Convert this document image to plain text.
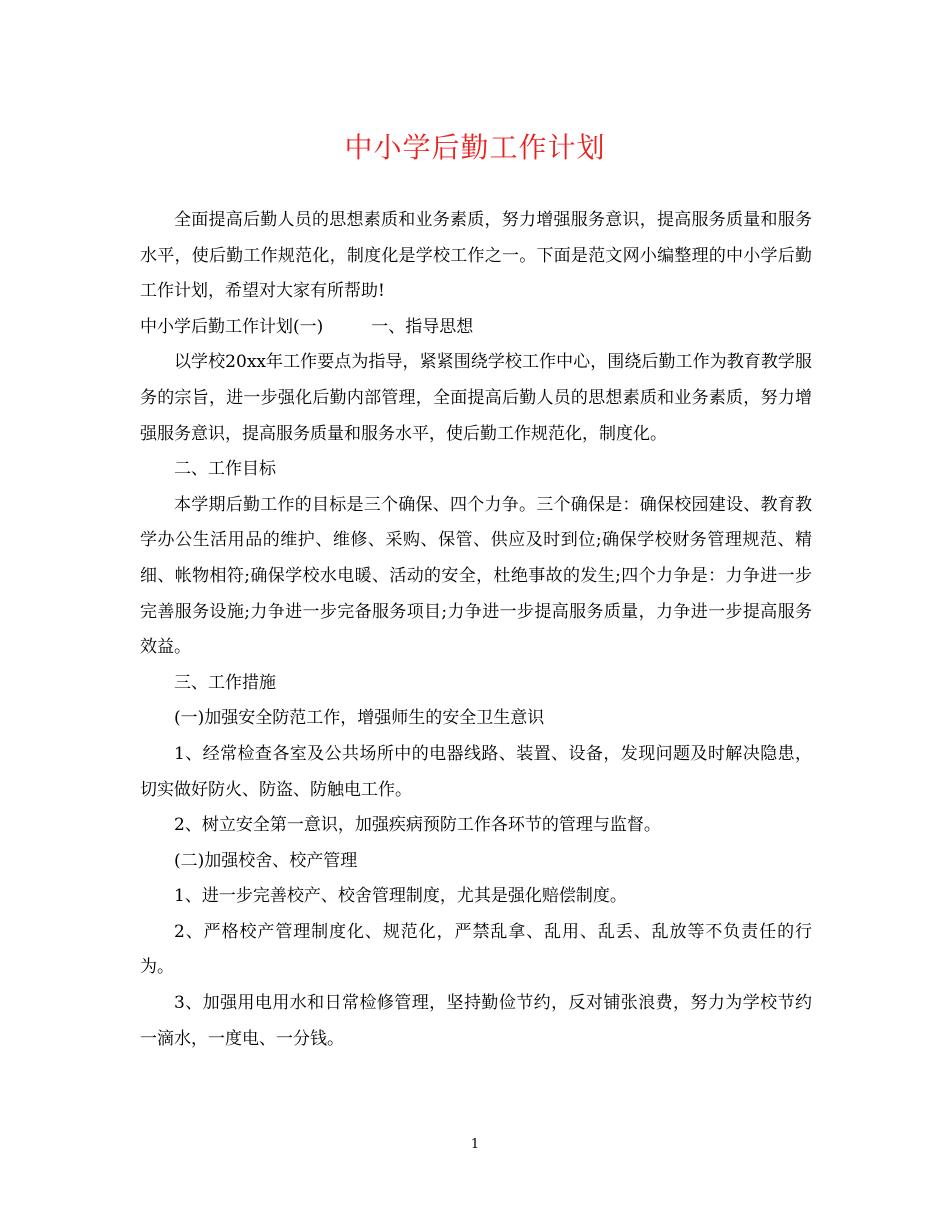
中小学后勤工作计划

全面提高后勤人员的思想素质和业务素质，努力增强服务意识，提高服务质量和服务水平，使后勤工作规范化，制度化是学校工作之一。下面是范文网小编整理的中小学后勤工作计划，希望对大家有所帮助!

中小学后勤工作计划(一)	一、指导思想

以学校20xx年工作要点为指导，紧紧围绕学校工作中心，围绕后勤工作为教育教学服务的宗旨，进一步强化后勤内部管理，全面提高后勤人员的思想素质和业务素质，努力增强服务意识，提高服务质量和服务水平，使后勤工作规范化，制度化。

二、工作目标

本学期后勤工作的目标是三个确保、四个力争。三个确保是：确保校园建设、教育教学办公生活用品的维护、维修、采购、保管、供应及时到位;确保学校财务管理规范、精细、帐物相符;确保学校水电暖、活动的安全，杜绝事故的发生;四个力争是：力争进一步完善服务设施;力争进一步完备服务项目;力争进一步提高服务质量，力争进一步提高服务效益。

三、工作措施

(一)加强安全防范工作，增强师生的安全卫生意识

1、经常检查各室及公共场所中的电器线路、装置、设备，发现问题及时解决隐患，切实做好防火、防盗、防触电工作。

2、树立安全第一意识，加强疾病预防工作各环节的管理与监督。

(二)加强校舍、校产管理

1、进一步完善校产、校舍管理制度，尤其是强化赔偿制度。

2、严格校产管理制度化、规范化，严禁乱拿、乱用、乱丢、乱放等不负责任的行为。

3、加强用电用水和日常检修管理，坚持勤俭节约，反对铺张浪费，努力为学校节约一滴水，一度电、一分钱。

1
